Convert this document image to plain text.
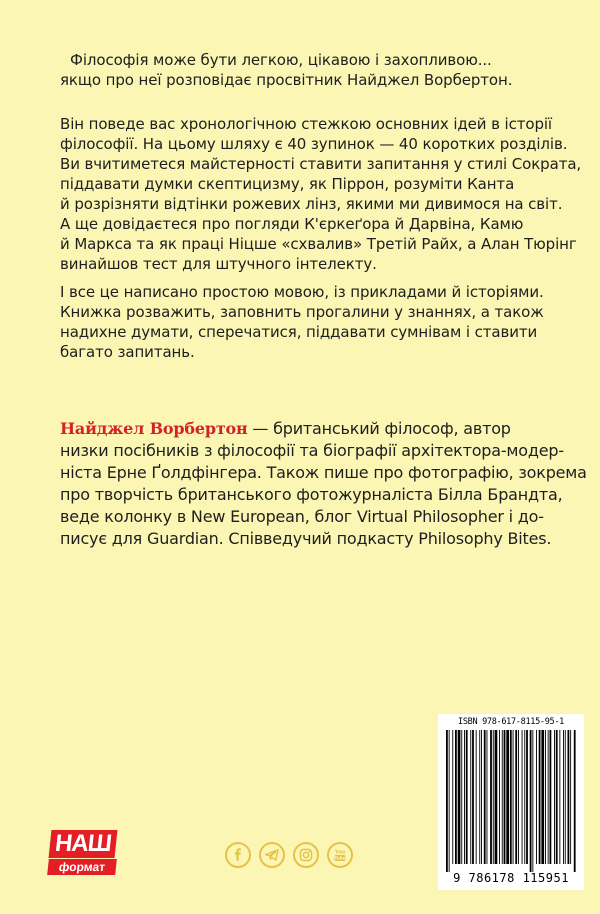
Філософія може бути легкою, цікавою і захопливою...
якщо про неї розповідає просвітник Найджел Ворбертон.

Він поведе вас хронологічною стежкою основних ідей в історії
філософії. На цьому шляху є 40 зупинок — 40 коротких розділів.
Ви вчитиметеся майстерності ставити запитання у стилі Сократа,
піддавати думки скептицизму, як Піррон, розуміти Канта
й розрізняти відтінки рожевих лінз, якими ми дивимося на світ.
А ще довідаєтеся про погляди К'єркеґора й Дарвіна, Камю
й Маркса та як праці Ніцше «схвалив» Третій Райх, а Алан Тюрінг
винайшов тест для штучного інтелекту.

І все це написано простою мовою, із прикладами й історіями.
Книжка розважить, заповнить прогалини у знаннях, а також
надихне думати, сперечатися, піддавати сумнівам і ставити
багато запитань.

Найджел Ворбертон — британський філософ, автор
низки посібників з філософії та біографії архітектора-модер-
ніста Ерне Ґолдфінгера. Також пише про фотографію, зокрема
про творчість британського фотожурналіста Білла Брандта,
веде колонку в New European, блог Virtual Philosopher і до-
писує для Guardian. Співведучий подкасту Philosophy Bites.
НАШ
формат
You
Tube
ISBN 978-617-8115-95-1
9 786178 115951
